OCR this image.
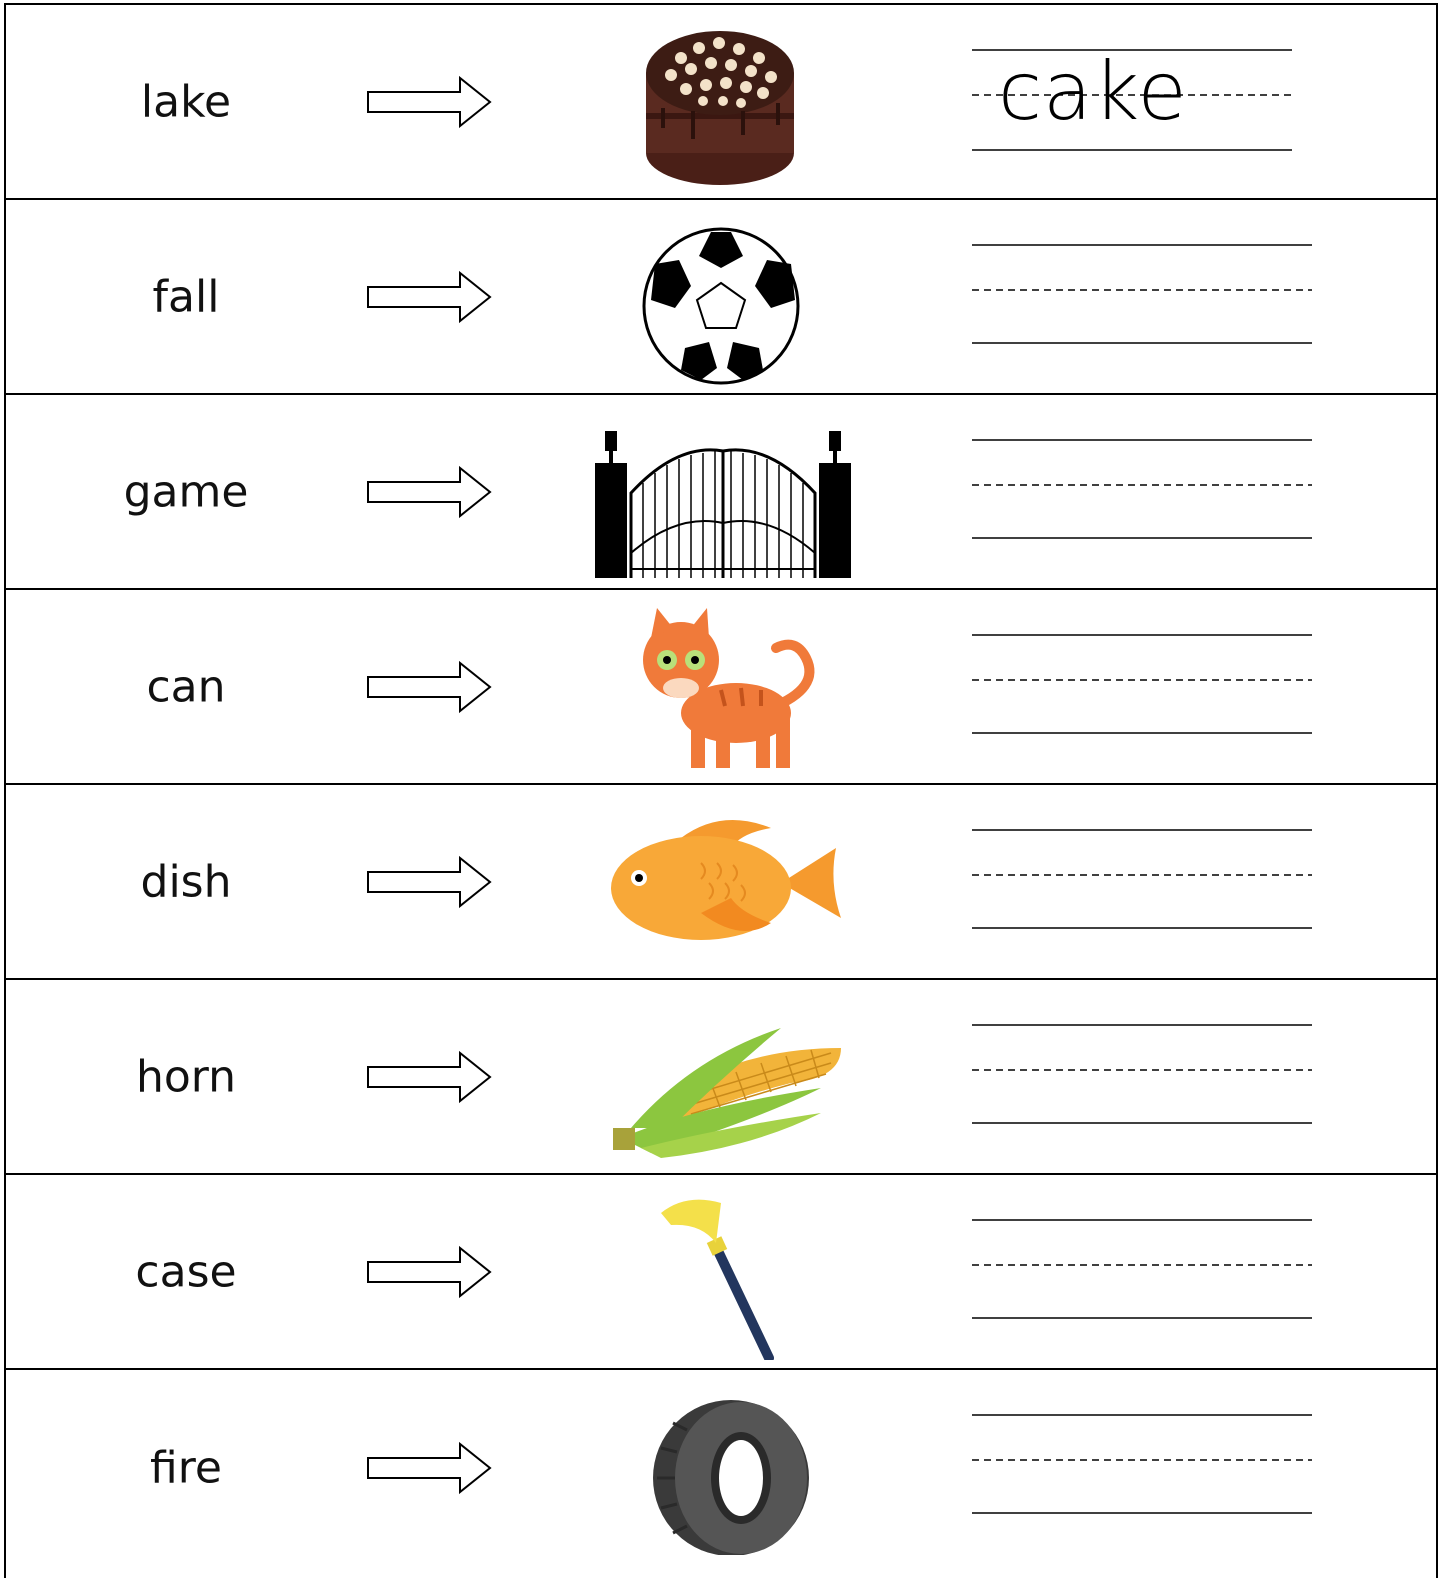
lake	cake
fall
game
can
dish
horn
case
fire
